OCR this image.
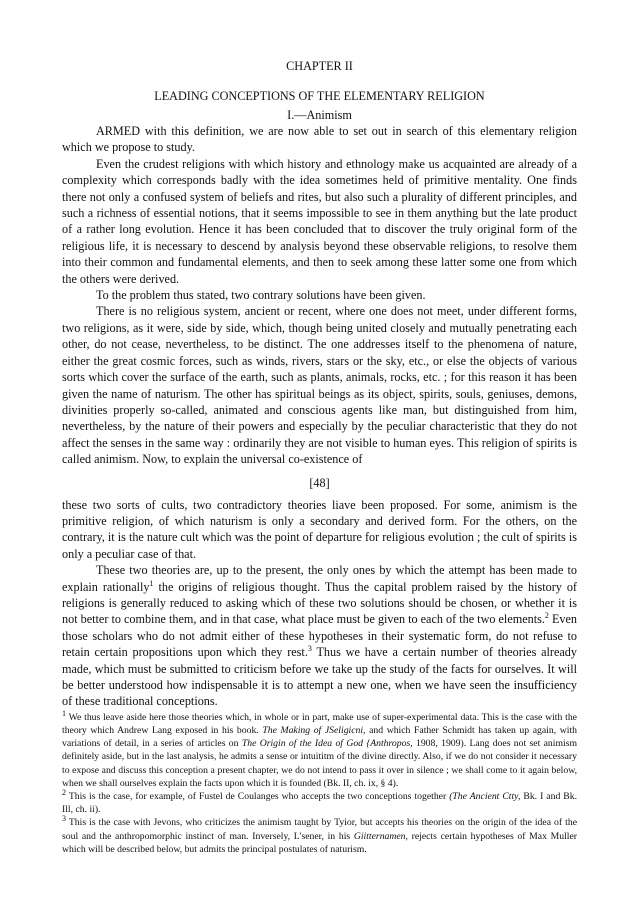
CHAPTER II
LEADING CONCEPTIONS OF THE ELEMENTARY RELIGION
I.—Animism

ARMED with this definition, we are now able to set out in search of this elementary religion which we propose to study.

Even the crudest religions with which history and ethnology make us acquainted are already of a complexity which corresponds badly with the idea sometimes held of primitive mentality. One finds there not only a confused system of beliefs and rites, but also such a plurality of different principles, and such a richness of essential notions, that it seems impossible to see in them anything but the late product of a rather long evolution. Hence it has been concluded that to discover the truly original form of the religious life, it is necessary to descend by analysis beyond these observable religions, to resolve them into their common and fundamental elements, and then to seek among these latter some one from which the others were derived.

To the problem thus stated, two contrary solutions have been given.

There is no religious system, ancient or recent, where one does not meet, under different forms, two religions, as it were, side by side, which, though being united closely and mutually penetrating each other, do not cease, nevertheless, to be distinct. The one addresses itself to the phenomena of nature, either the great cosmic forces, such as winds, rivers, stars or the sky, etc., or else the objects of various sorts which cover the surface of the earth, such as plants, animals, rocks, etc. ; for this reason it has been given the name of naturism. The other has spiritual beings as its object, spirits, souls, geniuses, demons, divinities properly so-called, animated and conscious agents like man, but distinguished from him, nevertheless, by the nature of their powers and especially by the peculiar characteristic that they do not affect the senses in the same way : ordinarily they are not visible to human eyes. This religion of spirits is called animism. Now, to explain the universal co-existence of

[48]

these two sorts of cults, two contradictory theories liave been proposed. For some, animism is the primitive religion, of which naturism is only a secondary and derived form. For the others, on the contrary, it is the nature cult which was the point of departure for religious evolution ; the cult of spirits is only a peculiar case of that.

These two theories are, up to the present, the only ones by which the attempt has been made to explain rationally$^1$ the origins of religious thought. Thus the capital problem raised by the history of religions is generally reduced to asking which of these two solutions should be chosen, or whether it is not better to combine them, and in that case, what place must be given to each of the two elements.$^2$ Even those scholars who do not admit either of these hypotheses in their systematic form, do not refuse to retain certain propositions upon which they rest.$^3$ Thus we have a certain number of theories already made, which must be submitted to criticism before we take up the study of the facts for ourselves. It will be better understood how indispensable it is to attempt a new one, when we have seen the insufficiency of these traditional conceptions.

$^1$ We thus leave aside here those theories which, in whole or in part, make use of super-experimental data. This is the case with the theory which Andrew Lang exposed in his book. The Making of JSeligicni, and which Father Schmidt has taken up again, with variations of detail, in a series of articles on The Origin of the Idea of God {Anthropos, 1908, 1909). Lang does not set animism definitely aside, but in the last analysis, he admits a sense or intuititm of the divine directly. Also, if we do not consider it necessary to expose and discuss this conception a present chapter, we do not intend to pass it over in silence ; we shall come to it again below, when we shall ourselves explain the facts upon which it is founded (Bk. II, ch. ix, § 4).

$^2$ This is the case, for example, of Fustel de Coulanges who accepts the two conceptions together (The Ancient Ctty, Bk. I and Bk. Ill, ch. ii).

$^3$ This is the case with Jevons, who criticizes the animism taught by Tyior, but accepts his theories on the origin of the idea of the soul and the anthropomorphic instinct of man. Inversely, L'sener, in his Giitternamen, rejects certain hypotheses of Max Muller which will be described below, but admits the principal postulates of naturism.
